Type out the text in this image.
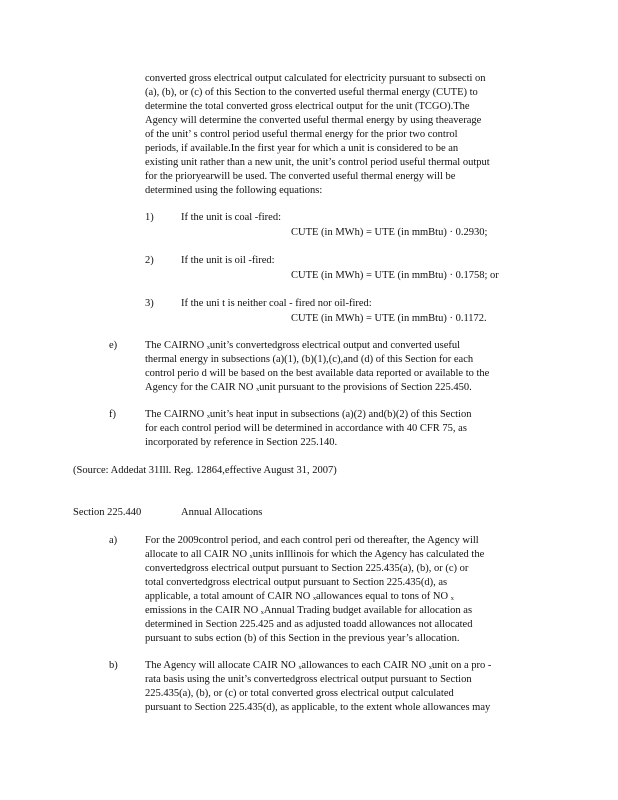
converted gross electrical output calculated for electricity pursuant to subsecti on
(a), (b), or (c) of this Section to the converted useful thermal energy (CUTE) to
determine the total converted gross electrical output for the unit (TCGO).The
Agency will determine the converted useful thermal energy by using theaverage
of the unit’ s control period useful thermal energy for the prior two control
periods, if available.In the first year for which a unit is considered to be an
existing unit rather than a new unit, the unit’s control period useful thermal output
for the prioryearwill be used. The converted useful thermal energy will be
determined using the following equations:
1)	If the unit is coal -fired:
CUTE (in MWh) = UTE (in mmBtu) · 0.2930;
2)	If the unit is oil -fired:
CUTE (in MWh) = UTE (in mmBtu) · 0.1758; or
3)	If the uni t is neither coal - fired nor oil-fired:
CUTE (in MWh) = UTE (in mmBtu) · 0.1172.
e)	The CAIRNO ₓunit’s convertedgross electrical output and converted useful
thermal energy in subsections (a)(1), (b)(1),(c),and (d) of this Section for each
control perio d will be based on the best available data reported or available to the
Agency for the CAIR NO ₓunit pursuant to the provisions of Section 225.450.
f)	The CAIRNO ₓunit’s heat input in subsections (a)(2) and(b)(2) of this Section
for each control period will be determined in accordance with 40 CFR 75, as
incorporated by reference in Section 225.140.
(Source: Addedat 31Ill. Reg. 12864,effective August 31, 2007)
Section 225.440	Annual Allocations
a)	For the 2009control period, and each control peri od thereafter, the Agency will
allocate to all CAIR NO ₓunits inIllinois for which the Agency has calculated the
convertedgross electrical output pursuant to Section 225.435(a), (b), or (c) or
total convertedgross electrical output pursuant to Section 225.435(d), as
applicable, a total amount of CAIR NO ₓallowances equal to tons of NO ₓ
emissions in the CAIR NO ₓAnnual Trading budget available for allocation as
determined in Section 225.425 and as adjusted toadd allowances not allocated
pursuant to subs ection (b) of this Section in the previous year’s allocation.
b)	The Agency will allocate CAIR NO ₓallowances to each CAIR NO ₓunit on a pro -
rata basis using the unit’s convertedgross electrical output pursuant to Section
225.435(a), (b), or (c) or total converted gross electrical output calculated
pursuant to Section 225.435(d), as applicable, to the extent whole allowances may
